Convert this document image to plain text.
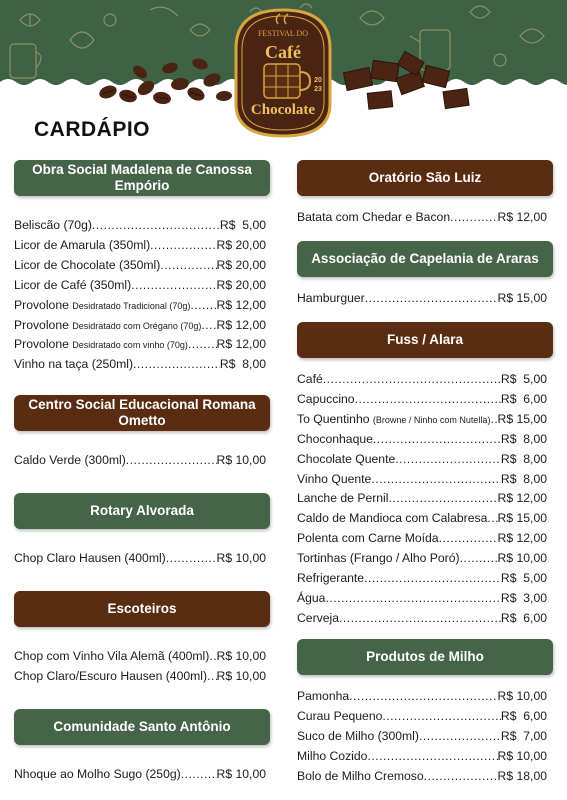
FESTIVAL DO
Café
Chocolate
20
23
CARDÁPIO
Obra Social Madalena de Canossa Empório
Beliscão (70g) .....	R$  5,00
Licor de Amarula (350ml) .....	R$ 20,00
Licor de Chocolate (350ml) .....	R$ 20,00
Licor de Café (350ml) .....	R$ 20,00
Provolone Desidratado Tradicional (70g) ..... R$ 12,00
Provolone Desidratado com Orégano (70g) ..... R$ 12,00
Provolone Desidratado com vinho (70g) ..... R$ 12,00
Vinho na taça (250ml) .....	R$  8,00
Centro Social Educacional Romana Ometto
Caldo Verde (300ml) .....	R$ 10,00
Rotary Alvorada
Chop Claro Hausen (400ml) .....	R$ 10,00
Escoteiros
Chop com Vinho Vila Alemã (400ml) ..... R$ 10,00
Chop Claro/Escuro Hausen (400ml) ..... R$ 10,00
Comunidade Santo Antônio
Nhoque ao Molho Sugo (250g) .....	R$ 10,00
Oratório São Luiz
Batata com Chedar e Bacon .....	R$ 12,00
Associação de Capelania de Araras
Hamburguer .....	R$ 15,00
Fuss / Alara
Café .....	R$  5,00
Capuccino .....	R$  6,00
To Quentinho (Browne / Ninho com Nutella) ..... R$ 15,00
Choconhaque .....	R$  8,00
Chocolate Quente .....	R$  8,00
Vinho Quente .....	R$  8,00
Lanche de Pernil .....	R$ 12,00
Caldo de Mandioca com Calabresa ..... R$ 15,00
Polenta com Carne Moída .....	R$ 12,00
Tortinhas (Frango / Alho Poró) .....	R$ 10,00
Refrigerante .....	R$  5,00
Água .....	R$  3,00
Cerveja .....	R$  6,00
Produtos de Milho
Pamonha .....	R$ 10,00
Curau Pequeno .....	R$  6,00
Suco de Milho (300ml) .....	R$  7,00
Milho Cozido .....	R$ 10,00
Bolo de Milho Cremoso .....	R$ 18,00
